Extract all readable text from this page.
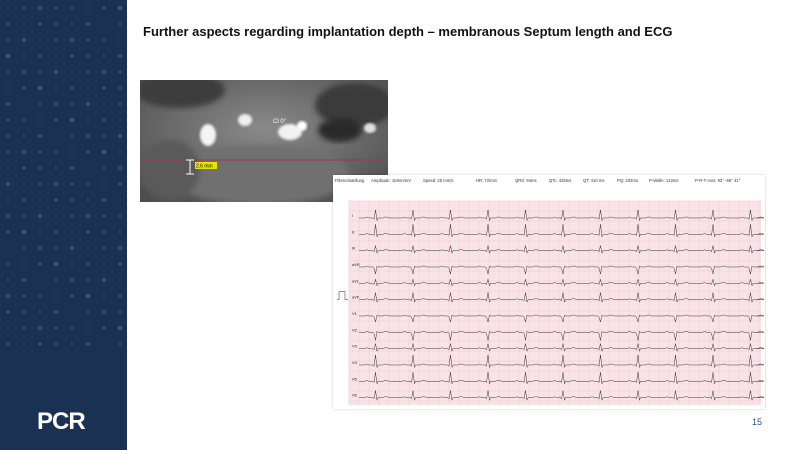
PCR
Further aspects regarding implantation depth – membranous Septum length and ECG
2.6 mm
Cl 0°
Filtereinstellung Amplitude: 10mm/mV	Speed: 25 mm/s	HR: 72/min	QRS: 94ms	QTc: 429ms	QT: 410 ms	PQ: 202ms	P-Welle: 122ms	P-R-T-Axis: 93° -66° 41°
I
II
III
aVR
aVL
aVF
V1
V2
V3
V4
V5
V6
15
